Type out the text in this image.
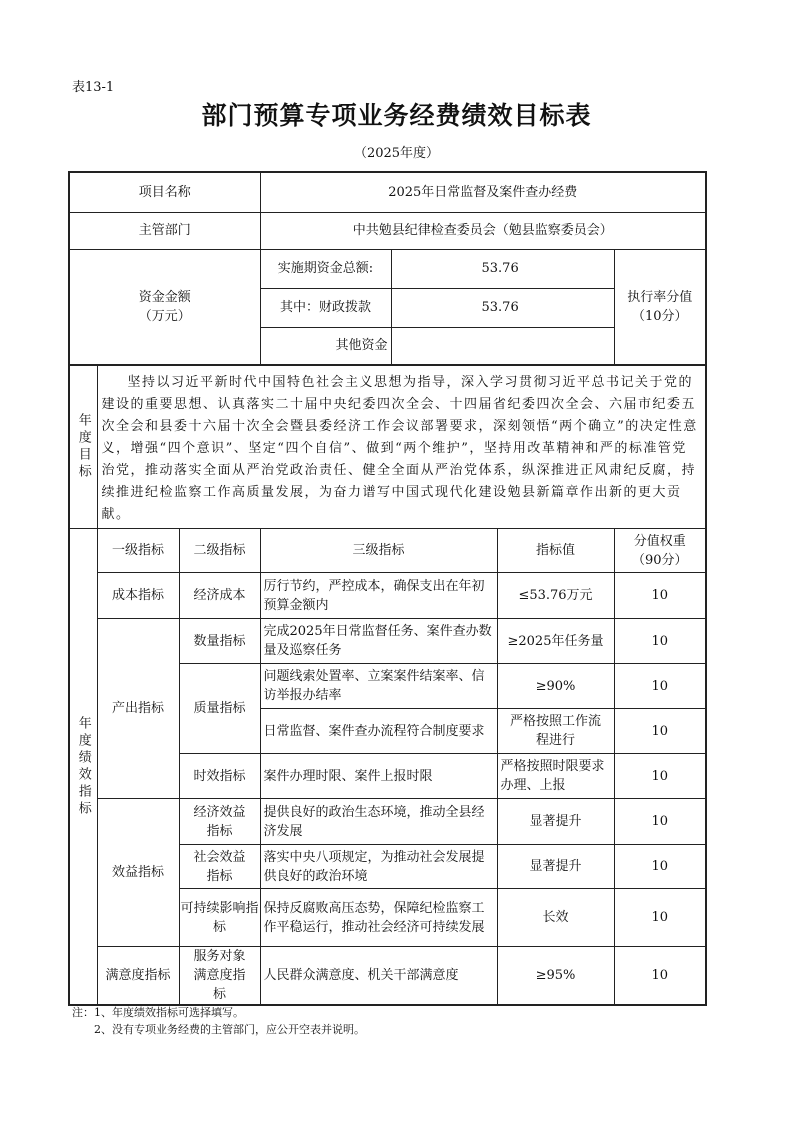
表13-1
部门预算专项业务经费绩效目标表
（2025年度）
项目名称	2025年日常监督及案件查办经费		
主管部门	中共勉县纪律检查委员会（勉县监察委员会）		
资金金额（万元）	实施期资金总额:	53.76	执行率分值（10分）
	其中：财政拨款	53.76	
	其他资金		
年度目标	坚持以习近平新时代中国特色社会主义思想为指导，深入学习贯彻习近平总书记关于党的建设的重要思想、认真落实二十届中央纪委四次全会、十四届省纪委四次全会、六届市纪委五次全会和县委十六届十次全会暨县委经济工作会议部署要求，深刻领悟“两个确立”的决定性意义，增强“四个意识”、坚定“四个自信”、做到“两个维护”，坚持用改革精神和严的标准管党治党，推动落实全面从严治党政治责任、健全全面从严治党体系，纵深推进正风肃纪反腐，持续推进纪检监察工作高质量发展，为奋力谱写中国式现代化建设勉县新篇章作出新的更大贡献。				
年度绩效指标	一级指标	二级指标	三级指标	指标值	分值权重（90分）
	成本指标	经济成本	厉行节约，严控成本，确保支出在年初预算金额内	≤53.76万元	10
	产出指标	数量指标	完成2025年日常监督任务、案件查办数量及巡察任务	≥2025年任务量	10
		质量指标	问题线索处置率、立案案件结案率、信访举报办结率	≥90%	10
			日常监督、案件查办流程符合制度要求	严格按照工作流程进行	10
		时效指标	案件办理时限、案件上报时限	严格按照时限要求办理、上报	10
	效益指标	经济效益指标	提供良好的政治生态环境，推动全县经济发展	显著提升	10
		社会效益指标	落实中央八项规定，为推动社会发展提供良好的政治环境	显著提升	10
		可持续影响指标	保持反腐败高压态势，保障纪检监察工作平稳运行，推动社会经济可持续发展	长效	10
	满意度指标	服务对象满意度指标	人民群众满意度、机关干部满意度	≥95%	10
注：1、年度绩效指标可选择填写。
2、没有专项业务经费的主管部门，应公开空表并说明。
